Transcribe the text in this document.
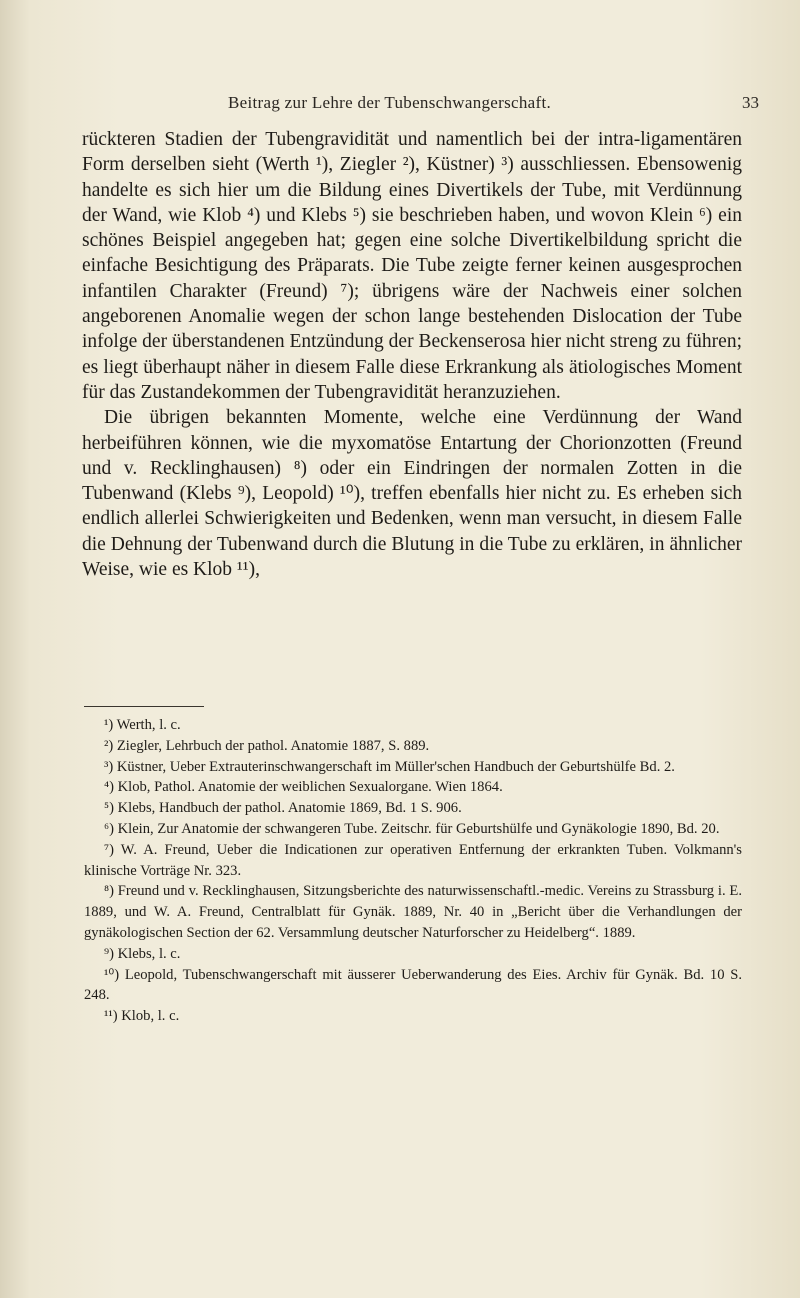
Beitrag zur Lehre der Tubenschwangerschaft.	33

rückteren Stadien der Tubengravidität und namentlich bei der intra-ligamentären Form derselben sieht (Werth ¹), Ziegler ²), Küstner) ³) ausschliessen. Ebensowenig handelte es sich hier um die Bildung eines Divertikels der Tube, mit Verdünnung der Wand, wie Klob ⁴) und Klebs ⁵) sie beschrieben haben, und wovon Klein ⁶) ein schönes Beispiel angegeben hat; gegen eine solche Divertikelbildung spricht die einfache Besichtigung des Präparats. Die Tube zeigte ferner keinen ausgesprochen infantilen Charakter (Freund) ⁷); übrigens wäre der Nachweis einer solchen angeborenen Anomalie wegen der schon lange bestehenden Dislocation der Tube infolge der überstandenen Entzündung der Beckenserosa hier nicht streng zu führen; es liegt überhaupt näher in diesem Falle diese Erkrankung als ätiologisches Moment für das Zustandekommen der Tubengravidität heranzuziehen.

Die übrigen bekannten Momente, welche eine Verdünnung der Wand herbeiführen können, wie die myxomatöse Entartung der Chorionzotten (Freund und v. Recklinghausen) ⁸) oder ein Eindringen der normalen Zotten in die Tubenwand (Klebs ⁹), Leopold) ¹⁰), treffen ebenfalls hier nicht zu. Es erheben sich endlich allerlei Schwierigkeiten und Bedenken, wenn man versucht, in diesem Falle die Dehnung der Tubenwand durch die Blutung in die Tube zu erklären, in ähnlicher Weise, wie es Klob ¹¹),

¹) Werth, l. c.

²) Ziegler, Lehrbuch der pathol. Anatomie 1887, S. 889.

³) Küstner, Ueber Extrauterinschwangerschaft im Müller'schen Handbuch der Geburtshülfe Bd. 2.

⁴) Klob, Pathol. Anatomie der weiblichen Sexualorgane. Wien 1864.

⁵) Klebs, Handbuch der pathol. Anatomie 1869, Bd. 1 S. 906.

⁶) Klein, Zur Anatomie der schwangeren Tube. Zeitschr. für Geburtshülfe und Gynäkologie 1890, Bd. 20.

⁷) W. A. Freund, Ueber die Indicationen zur operativen Entfernung der erkrankten Tuben. Volkmann's klinische Vorträge Nr. 323.

⁸) Freund und v. Recklinghausen, Sitzungsberichte des naturwissenschaftl.-medic. Vereins zu Strassburg i. E. 1889, und W. A. Freund, Centralblatt für Gynäk. 1889, Nr. 40 in „Bericht über die Verhandlungen der gynäkologischen Section der 62. Versammlung deutscher Naturforscher zu Heidelberg“. 1889.

⁹) Klebs, l. c.

¹⁰) Leopold, Tubenschwangerschaft mit äusserer Ueberwanderung des Eies. Archiv für Gynäk. Bd. 10 S. 248.

¹¹) Klob, l. c.
